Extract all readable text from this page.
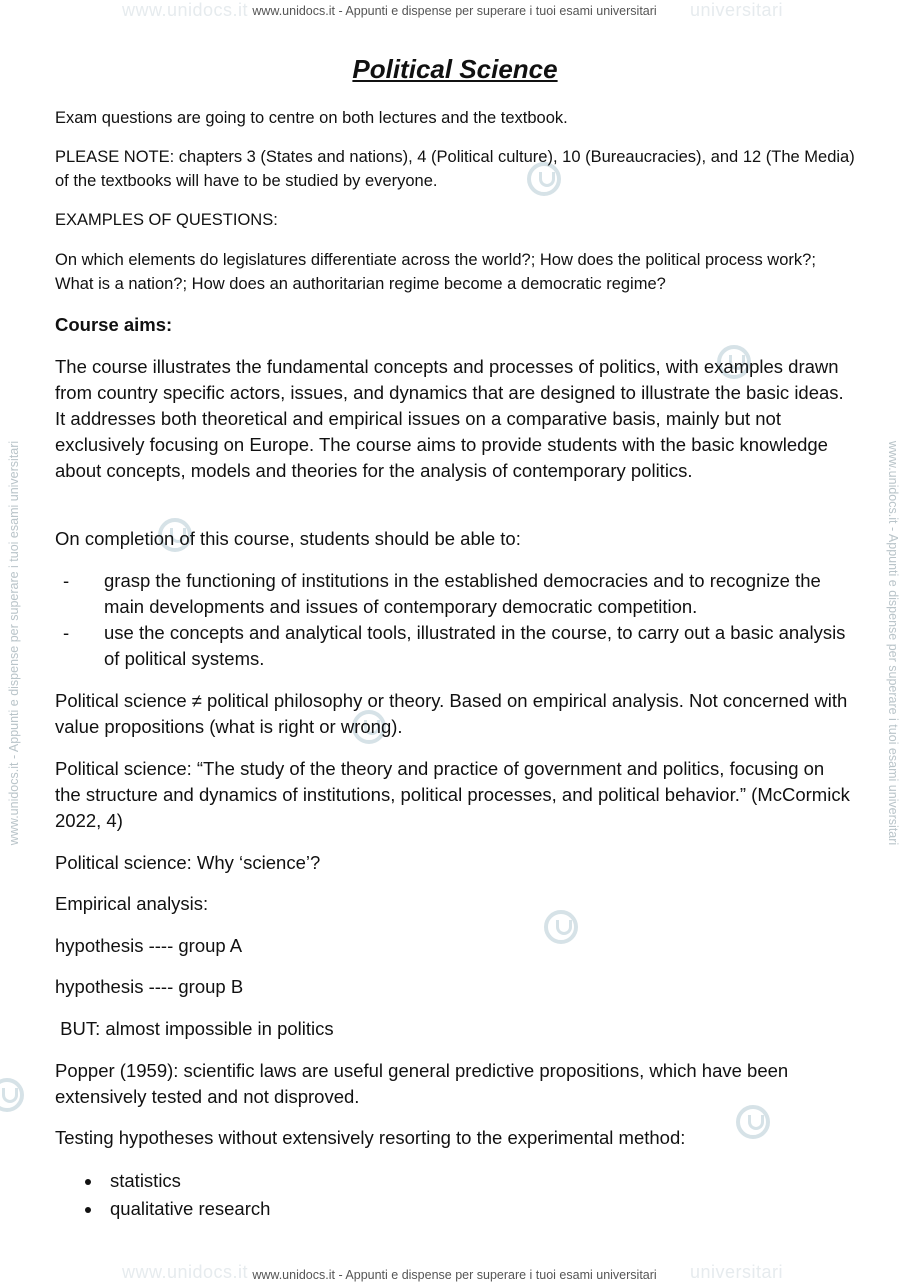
www.unidocs.it	universitari
www.unidocs.it	universitari
www.unidocs.it - Appunti e dispense per superare i tuoi esami universitari
www.unidocs.it - Appunti e dispense per superare i tuoi esami universitari
www.unidocs.it - Appunti e dispense per superare i tuoi esami universitari	www.unidocs.it - Appunti e dispense per superare i tuoi esami universitari
Political Science

Exam questions are going to centre on both lectures and the textbook.

PLEASE NOTE: chapters 3 (States and nations), 4 (Political culture), 10 (Bureaucracies), and 12 (The Media) of the textbooks will have to be studied by everyone.

EXAMPLES OF QUESTIONS:

On which elements do legislatures differentiate across the world?; How does the political process work?; What is a nation?; How does an authoritarian regime become a democratic regime?

Course aims:

The course illustrates the fundamental concepts and processes of politics, with examples drawn from country specific actors, issues, and dynamics that are designed to illustrate the basic ideas. It addresses both theoretical and empirical issues on a comparative basis, mainly but not exclusively focusing on Europe. The course aims to provide students with the basic knowledge about concepts, models and theories for the analysis of contemporary politics.

On completion of this course, students should be able to:

- grasp the functioning of institutions in the established democracies and to recognize the main developments and issues of contemporary democratic competition.
- use the concepts and analytical tools, illustrated in the course, to carry out a basic analysis of political systems.

Political science ≠ political philosophy or theory. Based on empirical analysis. Not concerned with value propositions (what is right or wrong).

Political science: “The study of the theory and practice of government and politics, focusing on the structure and dynamics of institutions, political processes, and political behavior.” (McCormick 2022, 4)

Political science: Why ‘science’?

Empirical analysis:

hypothesis ---- group A

hypothesis ---- group B

BUT: almost impossible in politics

Popper (1959): scientific laws are useful general predictive propositions, which have been extensively tested and not disproved.

Testing hypotheses without extensively resorting to the experimental method:

statistics
qualitative research
